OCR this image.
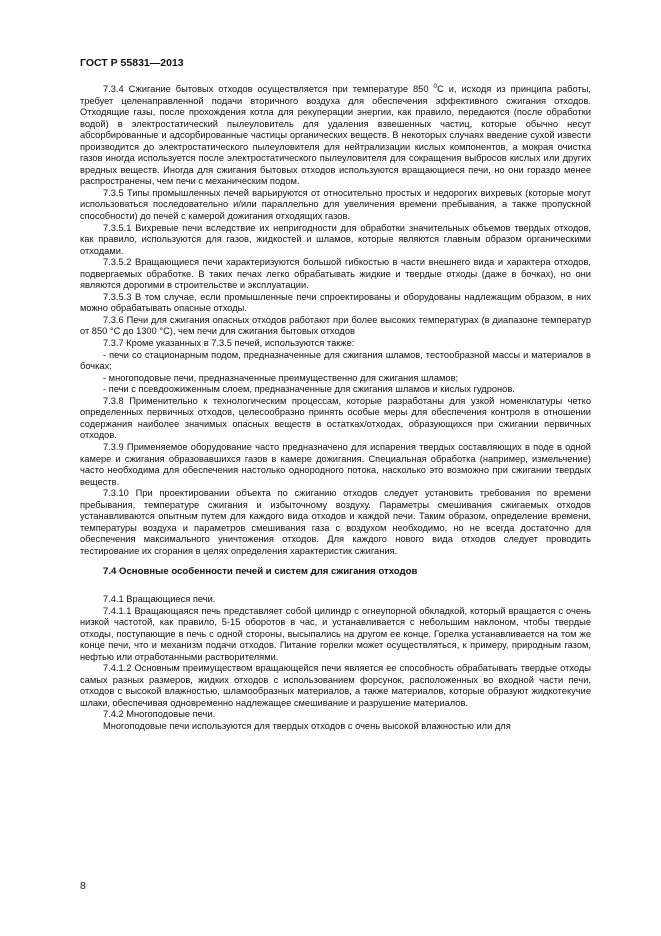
ГОСТ Р 55831—2013

7.3.4 Сжигание бытовых отходов осуществляется при температуре 850 $^0$С и, исходя из принципа работы, требует целенаправленной подачи вторичного воздуха для обеспечения эффективного сжигания отходов. Отходящие газы, после прохождения котла для рекуперации энергии, как правило, передаются (после обработки водой) в электростатический пылеуловитель для удаления взвешенных частиц, которые обычно несут абсорбированные и адсорбированные частицы органических веществ. В некоторых случаях введение сухой извести производится до электростатического пылеуловителя для нейтрализации кислых компонентов, а мокрая очистка газов иногда используется после электростатического пылеуловителя для сокращения выбросов кислых или других вредных веществ. Иногда для сжигания бытовых отходов используются вращающиеся печи, но они гораздо менее распространены, чем печи с механическим подом.

7.3.5 Типы промышленных печей варьируются от относительно простых и недорогих вихревых (которые могут использоваться последовательно и/или параллельно для увеличения времени пребывания, а также пропускной способности) до печей с камерой дожигания отходящих газов.

7.3.5.1 Вихревые печи вследствие их непригодности для обработки значительных объемов твердых отходов, как правило, используются для газов, жидкостей и шламов, которые являются главным образом органическими отходами.

7.3.5.2 Вращающиеся печи характеризуются большой гибкостью в части внешнего вида и характера отходов, подвергаемых обработке. В таких печах легко обрабатывать жидкие и твердые отходы (даже в бочках), но они являются дорогими в строительстве и эксплуатации.

7.3.5.3 В том случае, если промышленные печи спроектированы и оборудованы надлежащим образом, в них можно обрабатывать опасные отходы.

7.3.6 Печи для сжигания опасных отходов работают при более высоких температурах (в диапазоне температур от 850 °С до 1300 °С), чем печи для сжигания бытовых отходов

7.3.7 Кроме указанных в 7.3.5 печей, используются также:

- печи со стационарным подом, предназначенные для сжигания шламов, тестообразной массы и материалов в бочках;

- многоподовые печи, предназначенные преимущественно для сжигания шламов;

- печи с псевдоожиженным слоем, предназначенные для сжигания шламов и кислых гудронов.

7.3.8 Применительно к технологическим процессам, которые разработаны для узкой номенклатуры четко определенных первичных отходов, целесообразно принять особые меры для обеспечения контроля в отношении содержания наиболее значимых опасных веществ в остатках/отходах, образующихся при сжигании первичных отходов.

7.3.9 Применяемое оборудование часто предназначено для испарения твердых составляющих в поде в одной камере и сжигания образовавшихся газов в камере дожигания. Специальная обработка (например, измельчение) часто необходима для обеспечения настолько однородного потока, насколько это возможно при сжигании твердых веществ.

7.3.10 При проектировании объекта по сжиганию отходов следует установить требования по времени пребывания, температуре сжигания и избыточному воздуху. Параметры смешивания сжигаемых отходов устанавливаются опытным путем для каждого вида отходов и каждой печи. Таким образом, определение времени, температуры воздуха и параметров смешивания газа с воздухом необходимо, но не всегда достаточно для обеспечения максимального уничтожения отходов. Для каждого нового вида отходов следует проводить тестирование их сгорания в целях определения характеристик сжигания.

7.4 Основные особенности печей и систем для сжигания отходов

7.4.1 Вращающиеся печи.

7.4.1.1 Вращающаяся печь представляет собой цилиндр с огнеупорной обкладкой, который вращается с очень низкой частотой, как правило, 5-15 оборотов в час, и устанавливается с небольшим наклоном, чтобы твердые отходы, поступающие в печь с одной стороны, высыпались на другом ее конце. Горелка устанавливается на том же конце печи, что и механизм подачи отходов. Питание горелки может осуществляться, к примеру, природным газом, нефтью или отработанными растворителями.

7.4.1.2 Основным преимуществом вращающейся печи является ее способность обрабатывать твердые отходы самых разных размеров, жидких отходов с использованием форсунок, расположенных во входной части печи, отходов с высокой влажностью, шламообразных материалов, а также материалов, которые образуют жидкотекучие шлаки, обеспечивая одновременно надлежащее смешивание и разрушение материалов.

7.4.2 Многоподовые печи.

Многоподовые печи используются для твердых отходов с очень высокой влажностью или для

8
